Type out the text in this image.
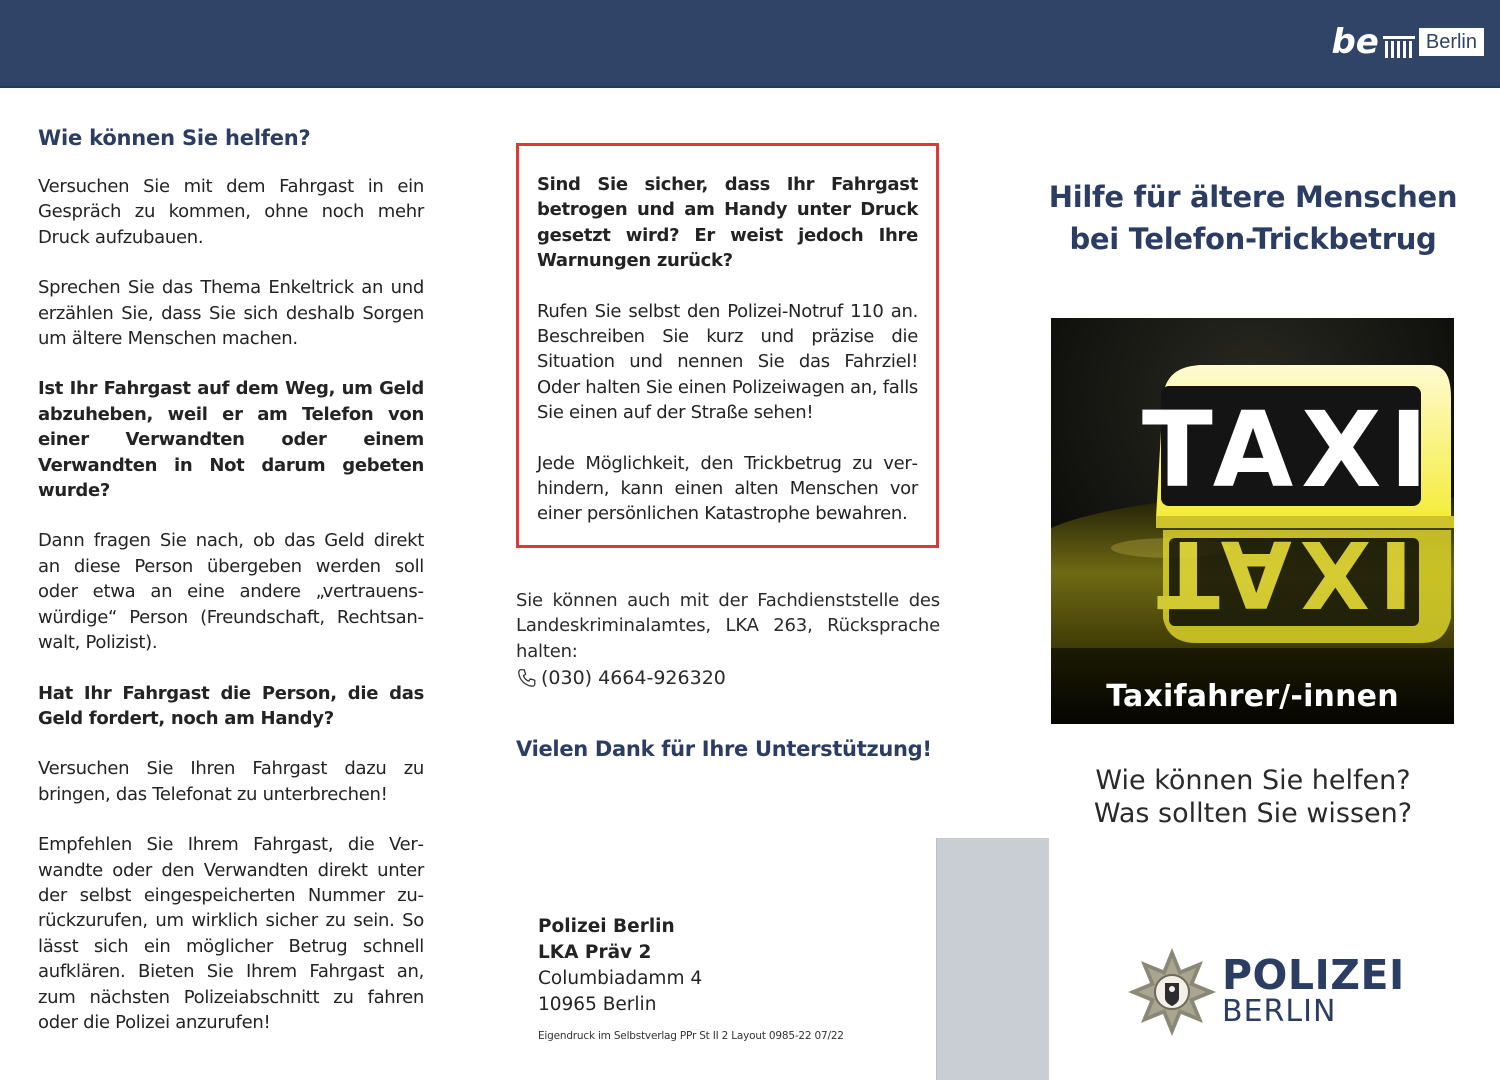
be	Berlin
Wie können Sie helfen?

Versuchen Sie mit dem Fahrgast in ein Gespräch zu kommen, ohne noch mehr Druck aufzubauen.

Sprechen Sie das Thema Enkeltrick an und erzählen Sie, dass Sie sich deshalb Sorgen um ältere Menschen machen.

Ist Ihr Fahrgast auf dem Weg, um Geld abzuheben, weil er am Telefon von einer Verwandten oder einem Verwandten in Not darum gebeten wurde?

Dann fragen Sie nach, ob das Geld direkt an diese Person übergeben werden soll oder etwa an eine andere „vertrauenswürdige“ Person (Freundschaft, Rechtsanwalt, Polizist).

Hat Ihr Fahrgast die Person, die das Geld fordert, noch am Handy?

Versuchen Sie Ihren Fahrgast dazu zu bringen, das Telefonat zu unterbrechen!

Empfehlen Sie Ihrem Fahrgast, die Verwandte oder den Verwandten direkt unter der selbst eingespeicherten Nummer zurückzurufen, um wirklich sicher zu sein. So lässt sich ein möglicher Betrug schnell aufklären. Bieten Sie Ihrem Fahrgast an, zum nächsten Polizeiabschnitt zu fahren oder die Polizei anzurufen!

Sind Sie sicher, dass Ihr Fahrgast betrogen und am Handy unter Druck gesetzt wird? Er weist jedoch Ihre Warnungen zurück?

Rufen Sie selbst den Polizei-Notruf 110 an. Beschreiben Sie kurz und präzise die Situation und nennen Sie das Fahrziel! Oder halten Sie einen Polizeiwagen an, falls Sie einen auf der Straße sehen!

Jede Möglichkeit, den Trickbetrug zu verhindern, kann einen alten Menschen vor einer persönlichen Katastrophe bewahren.

Sie können auch mit der Fachdienststelle des Landeskriminalamtes, LKA 263, Rücksprache halten:

(030) 4664-926320
Vielen Dank für Ihre Unterstützung!
Polizei Berlin
LKA Präv 2
Columbiadamm 4
10965 Berlin
Eigendruck im Selbstverlag PPr St II 2 Layout 0985-22 07/22
Hilfe für ältere Menschen
bei Telefon-Trickbetrug
TAXI
TAXI
Taxifahrer/-innen
Wie können Sie helfen?
Was sollten Sie wissen?
POLIZEI
BERLIN
